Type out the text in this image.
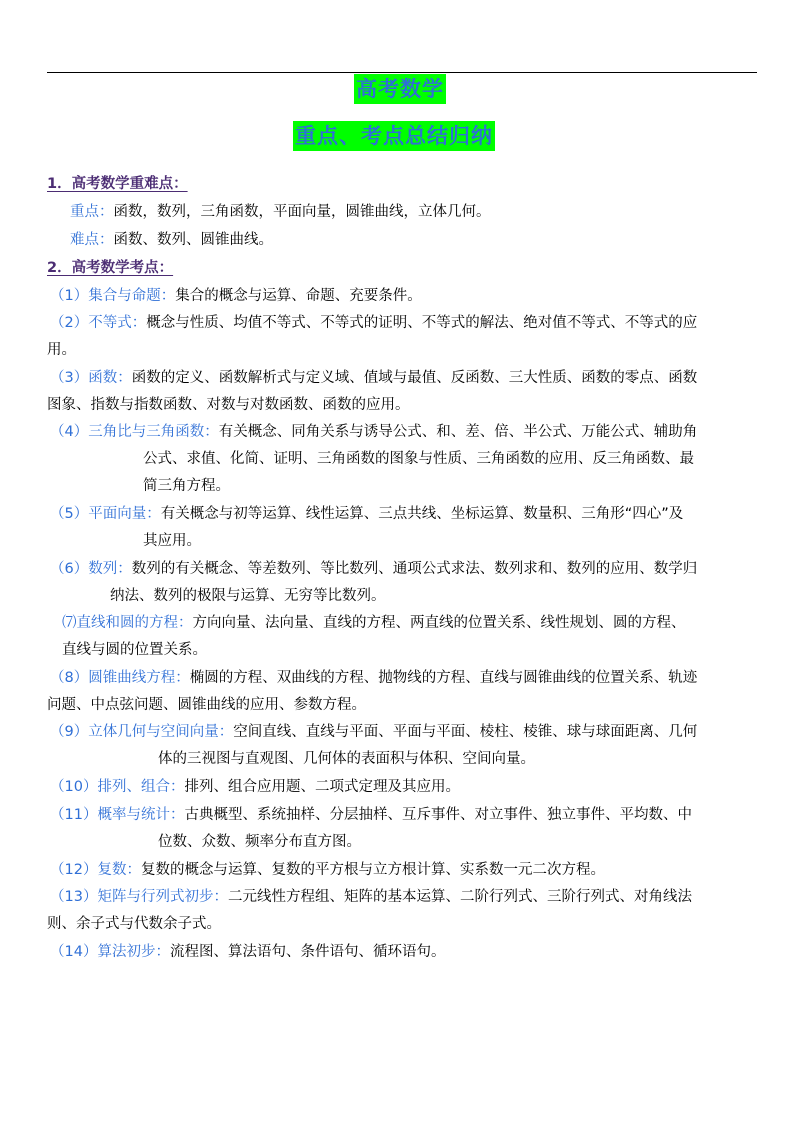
高考数学
重点、考点总结归纳
1．高考数学重难点：
重点：函数，数列，三角函数，平面向量，圆锥曲线，立体几何。
难点：函数、数列、圆锥曲线。
2．高考数学考点：
（1）集合与命题：集合的概念与运算、命题、充要条件。
（2）不等式：概念与性质、均值不等式、不等式的证明、不等式的解法、绝对值不等式、不等式的应
用。
（3）函数：函数的定义、函数解析式与定义域、值域与最值、反函数、三大性质、函数的零点、函数
图象、指数与指数函数、对数与对数函数、函数的应用。
（4）三角比与三角函数：有关概念、同角关系与诱导公式、和、差、倍、半公式、万能公式、辅助角
公式、求值、化简、证明、三角函数的图象与性质、三角函数的应用、反三角函数、最
简三角方程。
（5）平面向量：有关概念与初等运算、线性运算、三点共线、坐标运算、数量积、三角形“四心”及
其应用。
（6）数列：数列的有关概念、等差数列、等比数列、通项公式求法、数列求和、数列的应用、数学归
纳法、数列的极限与运算、无穷等比数列。
⑺直线和圆的方程：方向向量、法向量、直线的方程、两直线的位置关系、线性规划、圆的方程、
直线与圆的位置关系。
（8）圆锥曲线方程：椭圆的方程、双曲线的方程、抛物线的方程、直线与圆锥曲线的位置关系、轨迹
问题、中点弦问题、圆锥曲线的应用、参数方程。
（9）立体几何与空间向量：空间直线、直线与平面、平面与平面、棱柱、棱锥、球与球面距离、几何
体的三视图与直观图、几何体的表面积与体积、空间向量。
（10）排列、组合：排列、组合应用题、二项式定理及其应用。
（11）概率与统计：古典概型、系统抽样、分层抽样、互斥事件、对立事件、独立事件、平均数、中
位数、众数、频率分布直方图。
（12）复数：复数的概念与运算、复数的平方根与立方根计算、实系数一元二次方程。
（13）矩阵与行列式初步：二元线性方程组、矩阵的基本运算、二阶行列式、三阶行列式、对角线法
则、余子式与代数余子式。
（14）算法初步：流程图、算法语句、条件语句、循环语句。
